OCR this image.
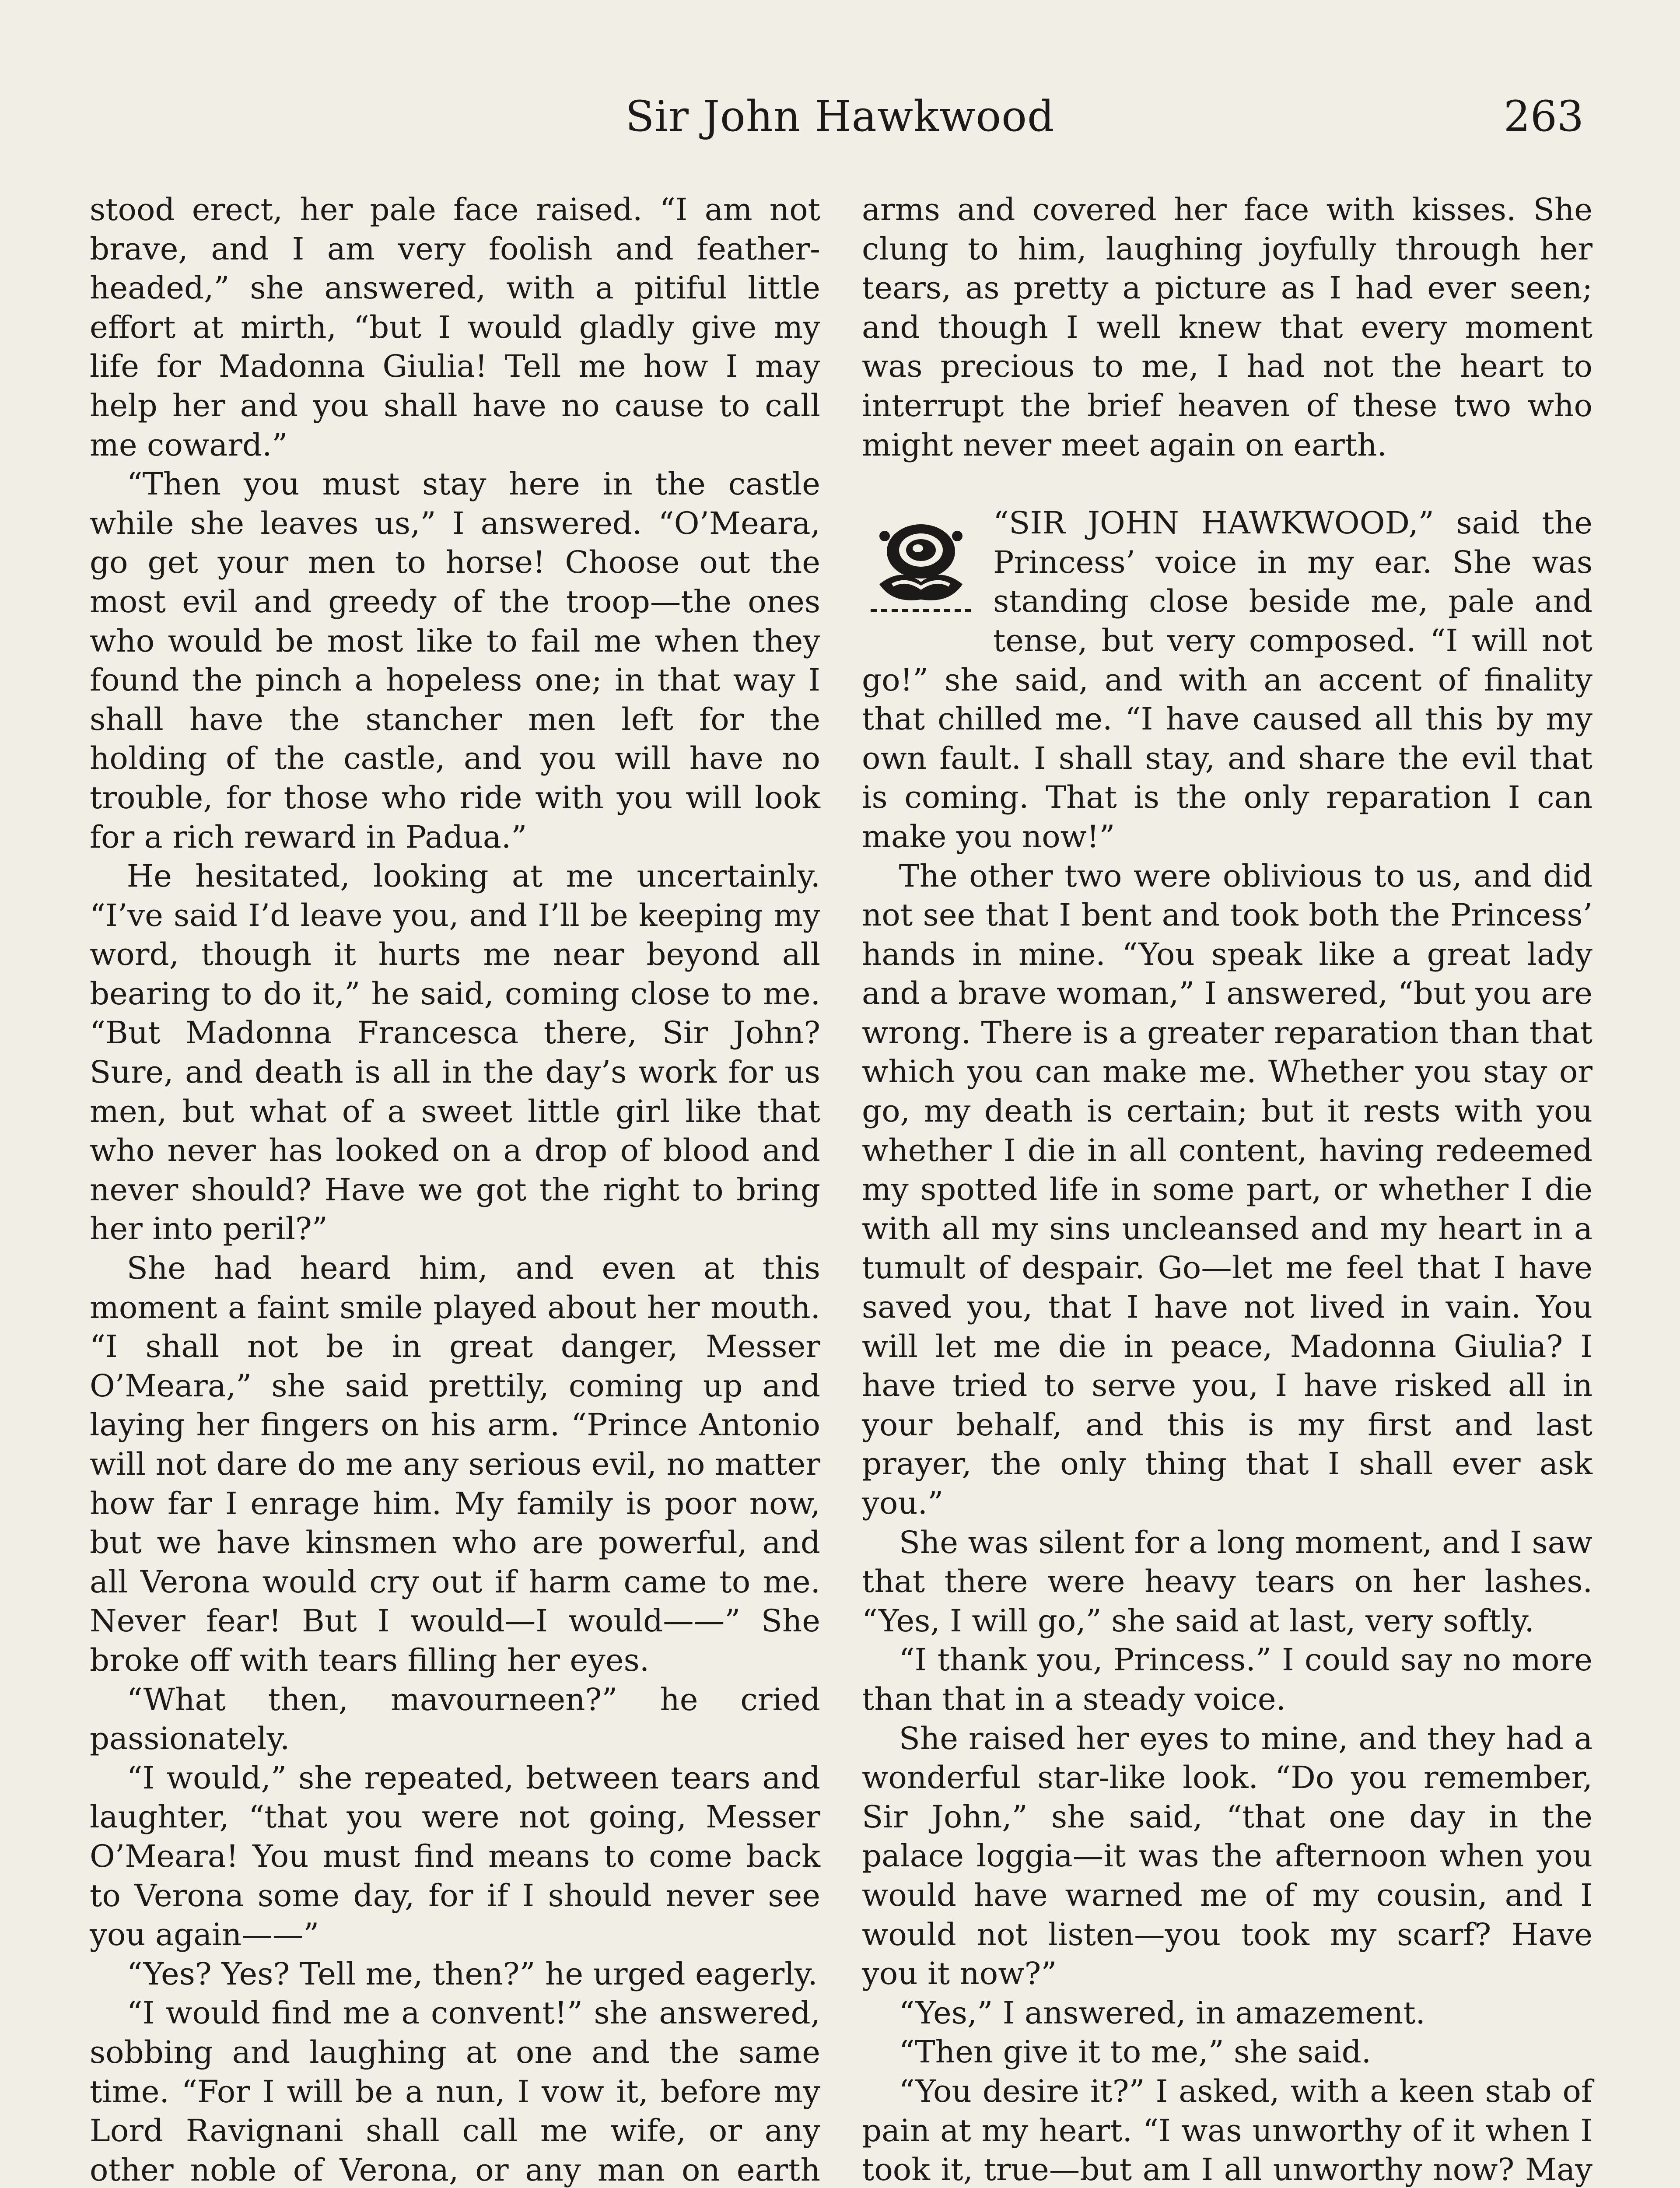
Sir John Hawkwood	263

stood erect, her pale face raised. “I am not brave, and I am very foolish and feather-headed,” she answered, with a pitiful little effort at mirth, “but I would gladly give my life for Madonna Giulia! Tell me how I may help her and you shall have no cause to call me coward.”

“Then you must stay here in the castle while she leaves us,” I answered. “O’Meara, go get your men to horse! Choose out the most evil and greedy of the troop—the ones who would be most like to fail me when they found the pinch a hopeless one; in that way I shall have the stancher men left for the holding of the castle, and you will have no trouble, for those who ride with you will look for a rich reward in Padua.”

He hesitated, looking at me uncertainly. “I’ve said I’d leave you, and I’ll be keeping my word, though it hurts me near beyond all bearing to do it,” he said, coming close to me. “But Madonna Francesca there, Sir John? Sure, and death is all in the day’s work for us men, but what of a sweet little girl like that who never has looked on a drop of blood and never should? Have we got the right to bring her into peril?”

She had heard him, and even at this moment a faint smile played about her mouth. “I shall not be in great danger, Messer O’Meara,” she said prettily, coming up and laying her fingers on his arm. “Prince Antonio will not dare do me any serious evil, no matter how far I enrage him. My family is poor now, but we have kinsmen who are powerful, and all Verona would cry out if harm came to me. Never fear! But I would—I would——” She broke off with tears filling her eyes.

“What then, mavourneen?” he cried passionately.

“I would,” she repeated, between tears and laughter, “that you were not going, Messer O’Meara! You must find means to come back to Verona some day, for if I should never see you again——”

“Yes? Yes? Tell me, then?” he urged eagerly.

“I would find me a convent!” she answered, sobbing and laughing at one and the same time. “For I will be a nun, I vow it, before my Lord Ravignani shall call me wife, or any other noble of Verona, or any man on earth

arms and covered her face with kisses. She clung to him, laughing joyfully through her tears, as pretty a picture as I had ever seen; and though I well knew that every moment was precious to me, I had not the heart to interrupt the brief heaven of these two who might never meet again on earth.

“SIR JOHN HAWKWOOD,” said the Princess’ voice in my ear. She was standing close beside me, pale and tense, but very composed. “I will not go!” she said, and with an accent of finality that chilled me. “I have caused all this by my own fault. I shall stay, and share the evil that is coming. That is the only reparation I can make you now!”

The other two were oblivious to us, and did not see that I bent and took both the Princess’ hands in mine. “You speak like a great lady and a brave woman,” I answered, “but you are wrong. There is a greater reparation than that which you can make me. Whether you stay or go, my death is certain; but it rests with you whether I die in all content, having redeemed my spotted life in some part, or whether I die with all my sins uncleansed and my heart in a tumult of despair. Go—let me feel that I have saved you, that I have not lived in vain. You will let me die in peace, Madonna Giulia? I have tried to serve you, I have risked all in your behalf, and this is my first and last prayer, the only thing that I shall ever ask you.”

She was silent for a long moment, and I saw that there were heavy tears on her lashes. “Yes, I will go,” she said at last, very softly.

“I thank you, Princess.” I could say no more than that in a steady voice.

She raised her eyes to mine, and they had a wonderful star-like look. “Do you remember, Sir John,” she said, “that one day in the palace loggia—it was the afternoon when you would have warned me of my cousin, and I would not listen—you took my scarf? Have you it now?”

“Yes,” I answered, in amazement.

“Then give it to me,” she said.

“You desire it?” I asked, with a keen stab of pain at my heart. “I was unworthy of it when I took it, true—but am I all unworthy now? May
